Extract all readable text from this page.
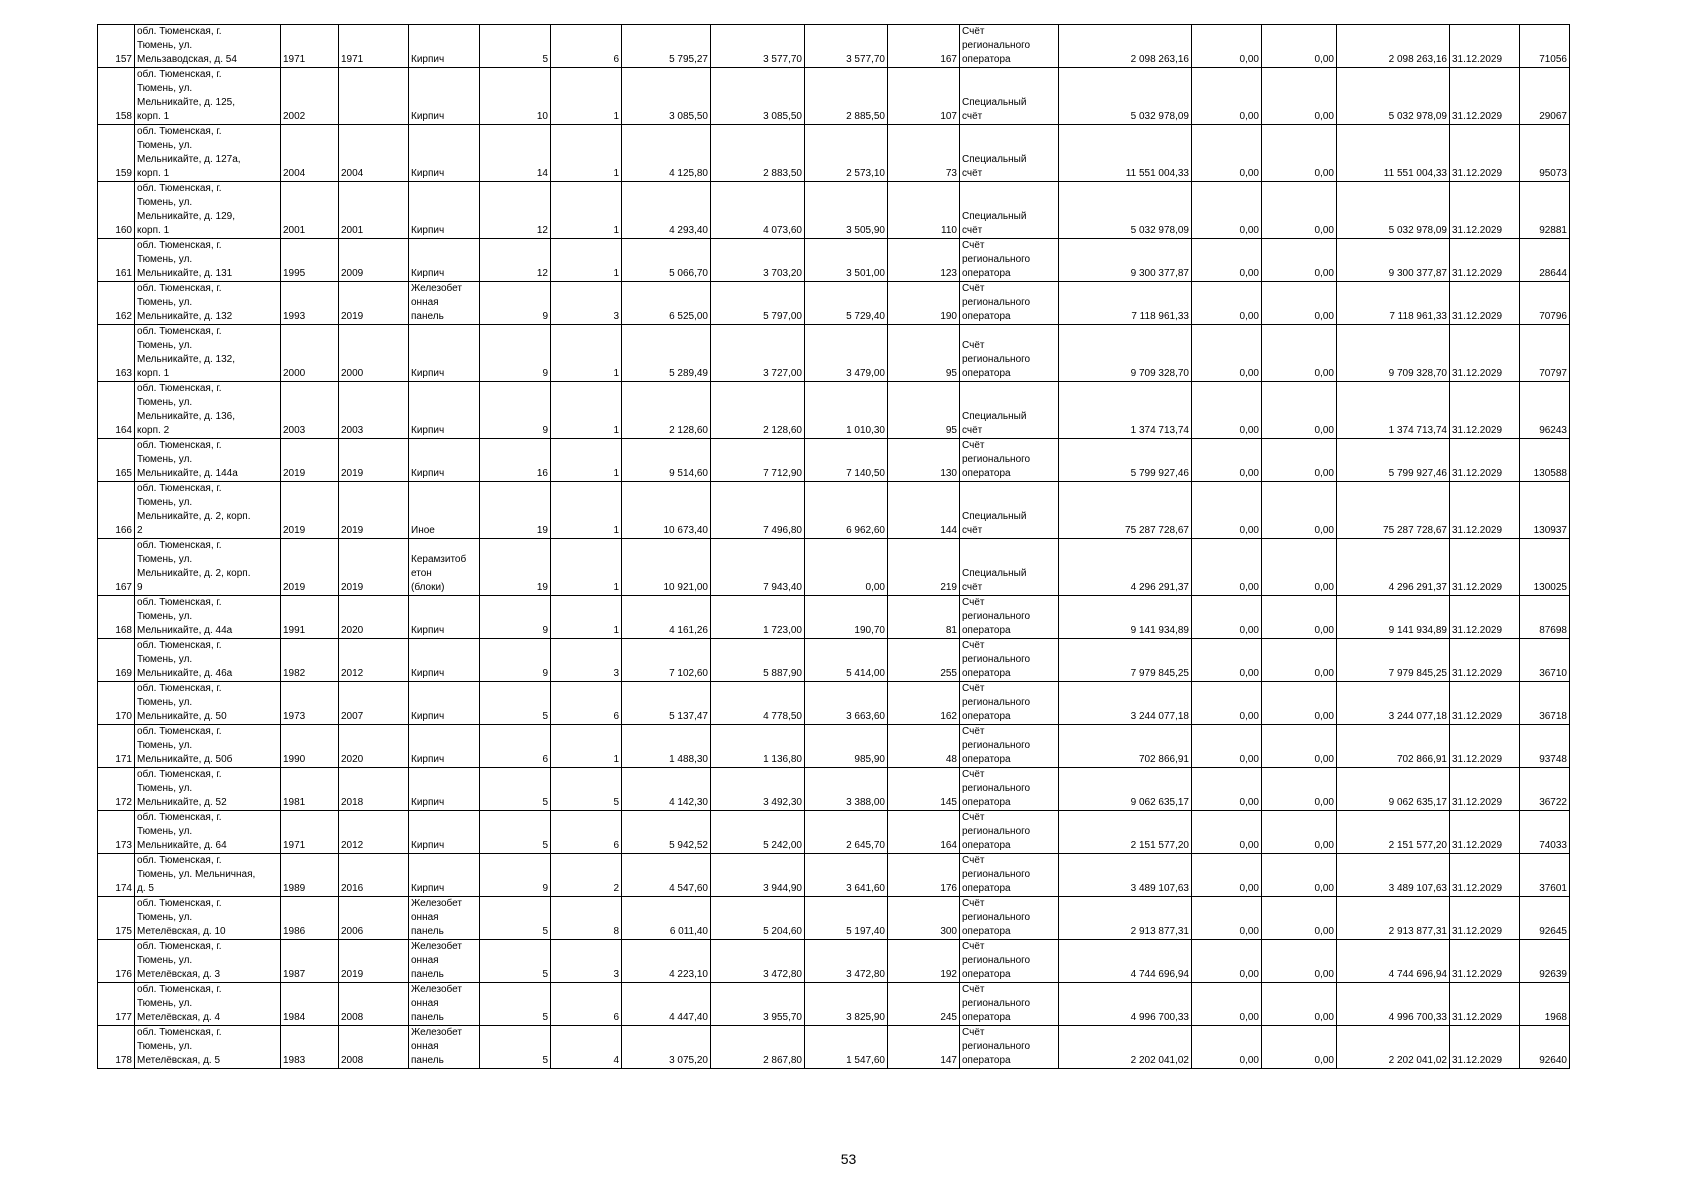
157	обл. Тюменская, г.
Тюмень, ул.
Мельзаводская, д. 54	1971	1971	Кирпич	5	6	5 795,27	3 577,70	3 577,70	167	Счёт
регионального
оператора	2 098 263,16	0,00	0,00	2 098 263,16	31.12.2029	71056
158	обл. Тюменская, г.
Тюмень, ул.
Мельникайте, д. 125,
корп. 1	2002		Кирпич	10	1	3 085,50	3 085,50	2 885,50	107	Специальный
счёт	5 032 978,09	0,00	0,00	5 032 978,09	31.12.2029	29067
159	обл. Тюменская, г.
Тюмень, ул.
Мельникайте, д. 127а,
корп. 1	2004	2004	Кирпич	14	1	4 125,80	2 883,50	2 573,10	73	Специальный
счёт	11 551 004,33	0,00	0,00	11 551 004,33	31.12.2029	95073
160	обл. Тюменская, г.
Тюмень, ул.
Мельникайте, д. 129,
корп. 1	2001	2001	Кирпич	12	1	4 293,40	4 073,60	3 505,90	110	Специальный
счёт	5 032 978,09	0,00	0,00	5 032 978,09	31.12.2029	92881
161	обл. Тюменская, г.
Тюмень, ул.
Мельникайте, д. 131	1995	2009	Кирпич	12	1	5 066,70	3 703,20	3 501,00	123	Счёт
регионального
оператора	9 300 377,87	0,00	0,00	9 300 377,87	31.12.2029	28644
162	обл. Тюменская, г.
Тюмень, ул.
Мельникайте, д. 132	1993	2019	Железобет
онная
панель	9	3	6 525,00	5 797,00	5 729,40	190	Счёт
регионального
оператора	7 118 961,33	0,00	0,00	7 118 961,33	31.12.2029	70796
163	обл. Тюменская, г.
Тюмень, ул.
Мельникайте, д. 132,
корп. 1	2000	2000	Кирпич	9	1	5 289,49	3 727,00	3 479,00	95	Счёт
регионального
оператора	9 709 328,70	0,00	0,00	9 709 328,70	31.12.2029	70797
164	обл. Тюменская, г.
Тюмень, ул.
Мельникайте, д. 136,
корп. 2	2003	2003	Кирпич	9	1	2 128,60	2 128,60	1 010,30	95	Специальный
счёт	1 374 713,74	0,00	0,00	1 374 713,74	31.12.2029	96243
165	обл. Тюменская, г.
Тюмень, ул.
Мельникайте, д. 144а	2019	2019	Кирпич	16	1	9 514,60	7 712,90	7 140,50	130	Счёт
регионального
оператора	5 799 927,46	0,00	0,00	5 799 927,46	31.12.2029	130588
166	обл. Тюменская, г.
Тюмень, ул.
Мельникайте, д. 2, корп.
2	2019	2019	Иное	19	1	10 673,40	7 496,80	6 962,60	144	Специальный
счёт	75 287 728,67	0,00	0,00	75 287 728,67	31.12.2029	130937
167	обл. Тюменская, г.
Тюмень, ул.
Мельникайте, д. 2, корп.
9	2019	2019	Керамзитоб
етон
(блоки)	19	1	10 921,00	7 943,40	0,00	219	Специальный
счёт	4 296 291,37	0,00	0,00	4 296 291,37	31.12.2029	130025
168	обл. Тюменская, г.
Тюмень, ул.
Мельникайте, д. 44а	1991	2020	Кирпич	9	1	4 161,26	1 723,00	190,70	81	Счёт
регионального
оператора	9 141 934,89	0,00	0,00	9 141 934,89	31.12.2029	87698
169	обл. Тюменская, г.
Тюмень, ул.
Мельникайте, д. 46а	1982	2012	Кирпич	9	3	7 102,60	5 887,90	5 414,00	255	Счёт
регионального
оператора	7 979 845,25	0,00	0,00	7 979 845,25	31.12.2029	36710
170	обл. Тюменская, г.
Тюмень, ул.
Мельникайте, д. 50	1973	2007	Кирпич	5	6	5 137,47	4 778,50	3 663,60	162	Счёт
регионального
оператора	3 244 077,18	0,00	0,00	3 244 077,18	31.12.2029	36718
171	обл. Тюменская, г.
Тюмень, ул.
Мельникайте, д. 50б	1990	2020	Кирпич	6	1	1 488,30	1 136,80	985,90	48	Счёт
регионального
оператора	702 866,91	0,00	0,00	702 866,91	31.12.2029	93748
172	обл. Тюменская, г.
Тюмень, ул.
Мельникайте, д. 52	1981	2018	Кирпич	5	5	4 142,30	3 492,30	3 388,00	145	Счёт
регионального
оператора	9 062 635,17	0,00	0,00	9 062 635,17	31.12.2029	36722
173	обл. Тюменская, г.
Тюмень, ул.
Мельникайте, д. 64	1971	2012	Кирпич	5	6	5 942,52	5 242,00	2 645,70	164	Счёт
регионального
оператора	2 151 577,20	0,00	0,00	2 151 577,20	31.12.2029	74033
174	обл. Тюменская, г.
Тюмень, ул. Мельничная,
д. 5	1989	2016	Кирпич	9	2	4 547,60	3 944,90	3 641,60	176	Счёт
регионального
оператора	3 489 107,63	0,00	0,00	3 489 107,63	31.12.2029	37601
175	обл. Тюменская, г.
Тюмень, ул.
Метелёвская, д. 10	1986	2006	Железобет
онная
панель	5	8	6 011,40	5 204,60	5 197,40	300	Счёт
регионального
оператора	2 913 877,31	0,00	0,00	2 913 877,31	31.12.2029	92645
176	обл. Тюменская, г.
Тюмень, ул.
Метелёвская, д. 3	1987	2019	Железобет
онная
панель	5	3	4 223,10	3 472,80	3 472,80	192	Счёт
регионального
оператора	4 744 696,94	0,00	0,00	4 744 696,94	31.12.2029	92639
177	обл. Тюменская, г.
Тюмень, ул.
Метелёвская, д. 4	1984	2008	Железобет
онная
панель	5	6	4 447,40	3 955,70	3 825,90	245	Счёт
регионального
оператора	4 996 700,33	0,00	0,00	4 996 700,33	31.12.2029	1968
178	обл. Тюменская, г.
Тюмень, ул.
Метелёвская, д. 5	1983	2008	Железобет
онная
панель	5	4	3 075,20	2 867,80	1 547,60	147	Счёт
регионального
оператора	2 202 041,02	0,00	0,00	2 202 041,02	31.12.2029	92640
53
